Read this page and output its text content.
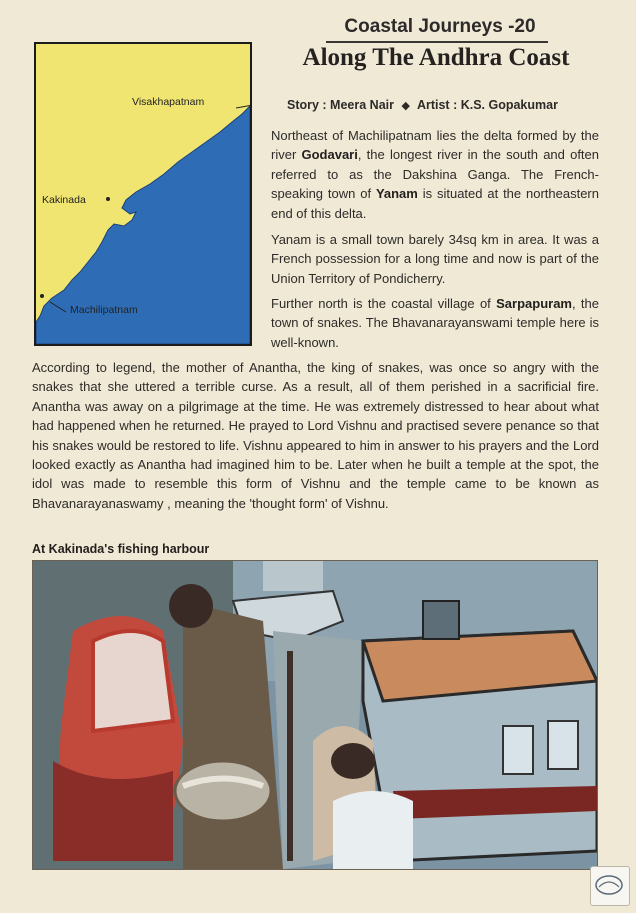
Visakhapatnam
Kakinada
Machilipatnam
Coastal Journeys -20
Along The Andhra Coast
Story : Meera Nair ◆ Artist : K.S. Gopakumar

Northeast of Machilipatnam lies the delta formed by the river Godavari, the longest river in the south and often referred to as the Dakshina Ganga. The French-speaking town of Yanam is situated at the northeastern end of this delta.

Yanam is a small town barely 34sq km in area. It was a French possession for a long time and now is part of the Union Territory of Pondicherry.

Further north is the coastal village of Sarpapuram, the town of snakes. The Bhavanarayanswami temple here is well-known.

According to legend, the mother of Anantha, the king of snakes, was once so angry with the snakes that she uttered a terrible curse. As a result, all of them perished in a sacrificial fire. Anantha was away on a pilgrimage at the time. He was extremely distressed to hear about what had happened when he returned. He prayed to Lord Vishnu and practised severe penance so that his snakes would be restored to life. Vishnu appeared to him in answer to his prayers and the Lord looked exactly as Anantha had imagined him to be. Later when he built a temple at the spot, the idol was made to resemble this form of Vishnu and the temple came to be known as Bhavanarayanaswamy , meaning the 'thought form' of Vishnu.

At Kakinada's fishing harbour
